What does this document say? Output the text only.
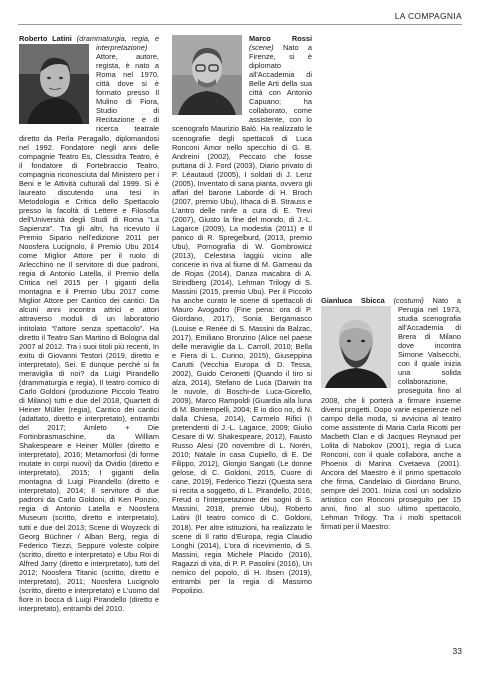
LA COMPAGNIA

Roberto Latini (drammaturgia, regia, e interpretazione)
Attore, autore, regista, è nato a Roma nel 1970, città dove si è formato presso Il Mulino di Fiora, Studio di Recitazione e di ricerca teatrale diretto da Perla Peragallo, diplomandosi nel 1992. Fondatore negli anni delle compagnie Teatro Es, Clessidra Teatro, è il fondatore di Fortebraccio Teatro, compagnia riconosciuta dal Ministero per i Beni e le Attività culturali dal 1999. Si è laureato discutendo una tesi in Metodologia e Critica dello Spettacolo presso la facoltà di Lettere e Filosofia dell'Università degli Studi di Roma “La Sapienza”. Tra gli altri, ha ricevuto il Premio Sipario nell'edizione 2011 per Noosfera Lucignolo, il Premio Ubu 2014 come Miglior Attore per il ruolo di Arlecchino ne Il servitore di due padroni, regia di Antonio Latella, il Premio della Critica nel 2015 per I giganti della montagna e il Premio Ubu 2017 come Miglior Attore per Cantico dei cantici. Da alcuni anni incontra attrici e attori attraverso moduli di un laboratorio intitolato “l'attore senza spettacolo”. Ha diretto il Teatro San Martino di Bologna dal 2007 al 2012. Tra i suoi titoli più recenti, In exitu di Giovanni Testori (2019, diretto e interpretato), Sei. E dunque perché si fa meraviglia di noi? da Luigi Pirandello (drammaturgia e regia), Il teatro comico di Carlo Goldoni (produzione Piccolo Teatro di Milano) tutti e due del 2018, Quartett di Heiner Müller (regia), Cantico dei cantici (adattato, diretto e interpretato), entrambi del 2017; Amleto + Die Fortinbrasmaschine, da William Shakespeare e Heiner Müller (diretto e interpretato), 2016; Metamorfosi (di forme mutate in corpi nuovi) da Ovidio (diretto e interpretato), 2015; I giganti della montagna di Luigi Pirandello (diretto e interpretato), 2014; Il servitore di due padroni da Carlo Goldoni, di Ken Ponzio, regia di Antonio Latella e Noosfera Museum (scritto, diretto e interpretato), tutti e due del 2013; Scene di Woyzeck di Georg Büchner / Alban Berg, regia di Federico Tiezzi, Seppure voleste colpire (scritto, diretto e interpretato) e Ubu Roi di Alfred Jarry (diretto e interpretato), tutti del 2012; Noosfera Titanic (scritto, diretto e interpretato), 2011; Noosfera Lucignolo (scritto, diretto e interpretato) e L'uomo dal fiore in bocca di Luigi Pirandello (diretto e interpretato), entrambi del 2010.

Marco Rossi (scene) Nato a Firenze, si è diplomato all'Accademia di Belle Arti della sua città con Antonio Capuano; ha collaborato, come assistente, con lo scenografo Maurizio Balò. Ha realizzato le scenografie degli spettacoli di Luca Ronconi Amor nello specchio di G. B. Andreini (2002), Peccato che fosse puttana di J. Ford (2003), Diario privato di P. Léautaud (2005), I soldati di J. Lenz (2005), Inventato di sana pianta, ovvero gli affari del barone Laborde di H. Broch (2007, premio Ubu), Ithaca di B. Strauss e L'antro delle ninfe a cura di E. Trevi (2007), Giusto la fine del mondo, di J.-L. Lagarce (2009), La modestia (2011) e Il panico di R. Spregelburd, (2013, premio Ubu), Pornografia di W. Gombrowicz (2013), Celestina laggiù vicino alle concerie in riva al fiume di M. Garneau da de Rojas (2014), Danza macabra di A. Strindberg (2014), Lehman Trilogy di S. Massini (2015, premio Ubu). Per il Piccolo ha anche curato le scene di spettacoli di Mauro Avogadro (Fine pena: ora di P. Giordano, 2017), Sonia Bergamasco (Louise e Renée di S. Massini da Balzac, 2017), Emiliano Bronzino (Alice nel paese delle meraviglie da L. Carroll, 2010; Bella e Fiera di L. Curino, 2015), Giuseppina Carutti (Vecchia Europa di D. Tessa, 2002), Guido Ceronetti (Quando il tiro si alza, 2014), Stefano de Luca (Darwin tra le nuvole, di Boschi-de Luca-Giorello, 2009), Marco Rampoldi (Guardia alla luna di M. Bontempelli, 2004; E io dico no, di N. dalla Chiesa, 2014), Carmelo Rifici (I pretendenti di J.-L. Lagarce, 2009; Giulio Cesare di W. Shakespeare, 2012), Fausto Russo Alesi (20 novembre di L. Norén, 2010; Natale in casa Cupiello, di E. De Filippo, 2012), Giorgio Sangati (Le donne gelose, di C. Goldoni, 2015, Cuore di cane, 2019), Federico Tiezzi (Questa sera si recita a soggetto, di L. Pirandello, 2016; Freud o l'interpretazione dei sogni di S. Massini, 2018, premio Ubu), Roberto Latini (Il teatro comico di C. Goldoni, 2018). Per altre istituzioni, ha realizzato le scene di Il ratto d'Europa, regia Claudio Longhi (2014), L'ora di ricevimento, di S. Massini, regia Michele Placido (2016), Ragazzi di vita, di P. P. Pasolini (2016), Un nemico del popolo, di H. Ibsen (2019), entrambi per la regia di Massimo Popolizio.

Gianluca Sbicca (costumi) Nato a Perugia nel 1973, studia scenografia all'Accademia di Brera di Milano dove incontra Simone Valsecchi, con il quale inizia una solida collaborazione, proseguita fino al 2008, che li porterà a firmare insieme diversi progetti. Dopo varie esperienze nel campo della moda, si avvicina al teatro come assistente di Maria Carla Ricotti per Macbeth Clan e di Jacques Reynaud per Lolita di Nabokov (2001), regia di Luca Ronconi, con il quale collabora, anche a Phoenix di Marina Cvetaeva (2001). Ancora del Maestro è il primo spettacolo che firma, Candelaio di Giordano Bruno, sempre del 2001. Inizia così un sodalizio artistico con Ronconi proseguito per 15 anni, fino al suo ultimo spettacolo, Lehman Trilogy. Tra i molti spettacoli firmati per il Maestro:

33
